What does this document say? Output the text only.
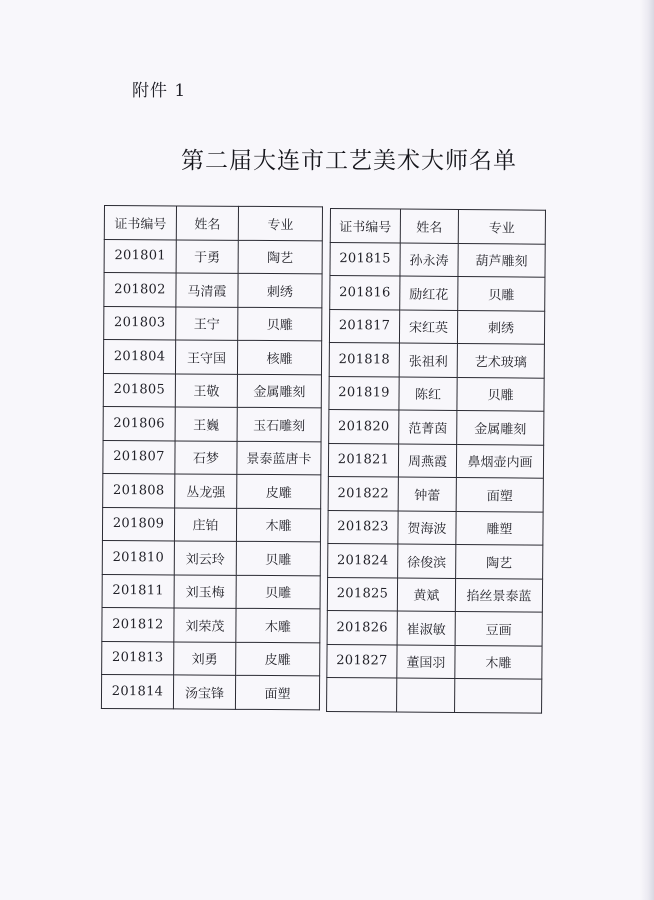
附件 1
第二届大连市工艺美术大师名单
证书编号	姓名	专业
201801	于勇	陶艺
201802	马清霞	刺绣
201803	王宁	贝雕
201804	王守国	核雕
201805	王敬	金属雕刻
201806	王巍	玉石雕刻
201807	石梦	景泰蓝唐卡
201808	丛龙强	皮雕
201809	庄铂	木雕
201810	刘云玲	贝雕
201811	刘玉梅	贝雕
201812	刘荣茂	木雕
201813	刘勇	皮雕
201814	汤宝锋	面塑
证书编号	姓名	专业
201815	孙永涛	葫芦雕刻
201816	励红花	贝雕
201817	宋红英	刺绣
201818	张祖利	艺术玻璃
201819	陈红	贝雕
201820	范菁茵	金属雕刻
201821	周燕霞	鼻烟壶内画
201822	钟蕾	面塑
201823	贺海波	雕塑
201824	徐俊滨	陶艺
201825	黄斌	掐丝景泰蓝
201826	崔淑敏	豆画
201827	董国羽	木雕
